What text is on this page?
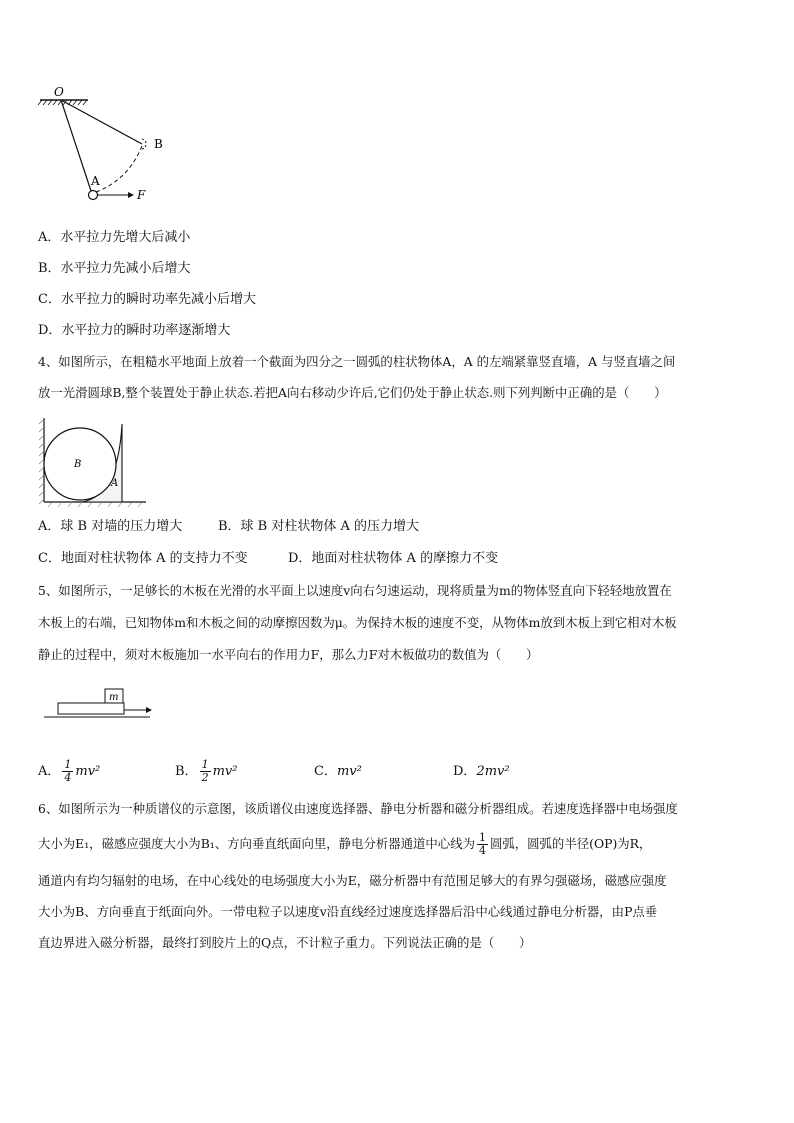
O
A
B
F
A．水平拉力先增大后减小
B．水平拉力先减小后增大
C．水平拉力的瞬时功率先减小后增大
D．水平拉力的瞬时功率逐渐增大
4、如图所示，在粗糙水平地面上放着一个截面为四分之一圆弧的柱状物体A，A 的左端紧靠竖直墙，A 与竖直墙之间
放一光滑圆球B,整个装置处于静止状态.若把A向右移动少许后,它们仍处于静止状态.则下列判断中正确的是（　　）
B
A
A．球 B 对墙的压力增大	B．球 B 对柱状物体 A 的压力增大
C．地面对柱状物体 A 的支持力不变	D．地面对柱状物体 A 的摩擦力不变
5、如图所示，一足够长的木板在光滑的水平面上以速度v向右匀速运动，现将质量为m的物体竖直向下轻轻地放置在
木板上的右端，已知物体m和木板之间的动摩擦因数为μ。为保持木板的速度不变，从物体m放到木板上到它相对木板
静止的过程中，须对木板施加一水平向右的作用力F，那么力F对木板做功的数值为（　　）
m
A． $\frac{1}{4} mv^2$	B． $\frac{1}{2} mv^2$	C．mv²	D．2mv²
6、如图所示为一种质谱仪的示意图，该质谱仪由速度选择器、静电分析器和磁分析器组成。若速度选择器中电场强度
大小为E₁，磁感应强度大小为B₁、方向垂直纸面向里，静电分析器通道中心线为 $\frac{1}{4}$ 圆弧，圆弧的半径(OP)为R，
通道内有均匀辐射的电场，在中心线处的电场强度大小为E，磁分析器中有范围足够大的有界匀强磁场，磁感应强度
大小为B、方向垂直于纸面向外。一带电粒子以速度v沿直线经过速度选择器后沿中心线通过静电分析器，由P点垂
直边界进入磁分析器，最终打到胶片上的Q点，不计粒子重力。下列说法正确的是（　　）
